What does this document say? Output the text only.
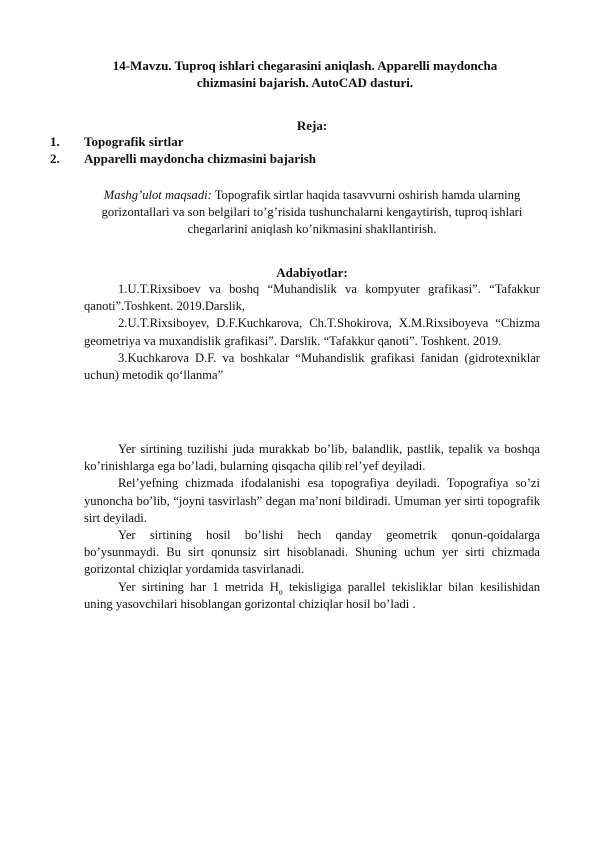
14-Mavzu. Tuproq ishlari chegarasini aniqlash. Apparelli maydoncha
chizmasini bajarish. AutoCAD dasturi.
Reja:
1. Topografik sirtlar
2. Apparelli maydoncha chizmasini bajarish
Mashg’ulot maqsadi: Topografik sirtlar haqida tasavvurni oshirish hamda ularning gorizontallari va son belgilari to’g’risida tushunchalarni kengaytirish, tuproq ishlari chegarlarini aniqlash ko’nikmasini shakllantirish.
Adabiyotlar:

1.U.T.Rixsiboev va boshq “Muhandislik va kompyuter grafikasi”. “Tafakkur qanoti”.Toshkent. 2019.Darslik,

2.U.T.Rixsiboyev, D.F.Kuchkarova, Ch.T.Shokirova, X.M.Rixsiboyeva “Chizma geometriya va muxandislik grafikasi”. Darslik. “Tafakkur qanoti”. Toshkent. 2019.

3.Kuchkarova D.F. va boshkalar “Muhandislik grafikasi fanidan (gidrotexniklar uchun) metodik qo‘llanma”

Yer sirtining tuzilishi juda murakkab bo’lib, balandlik, pastlik, tepalik va boshqa ko’rinishlarga ega bo’ladi, bularning qisqacha qilib rel’yef deyiladi.

Rel’yefning chizmada ifodalanishi esa topografiya deyiladi. Topografiya so’zi yunoncha bo’lib, “joyni tasvirlash” degan ma’noni bildiradi. Umuman yer sirti topografik sirt deyiladi.

Yer sirtining hosil bo’lishi hech qanday geometrik qonun-qoidalarga bo’ysunmaydi. Bu sirt qonunsiz sirt hisoblanadi. Shuning uchun yer sirti chizmada gorizontal chiziqlar yordamida tasvirlanadi.

Yer sirtining har 1 metrida $H_o$ tekisligiga parallel tekisliklar bilan kesilishidan uning yasovchilari hisoblangan gorizontal chiziqlar hosil bo’ladi .
